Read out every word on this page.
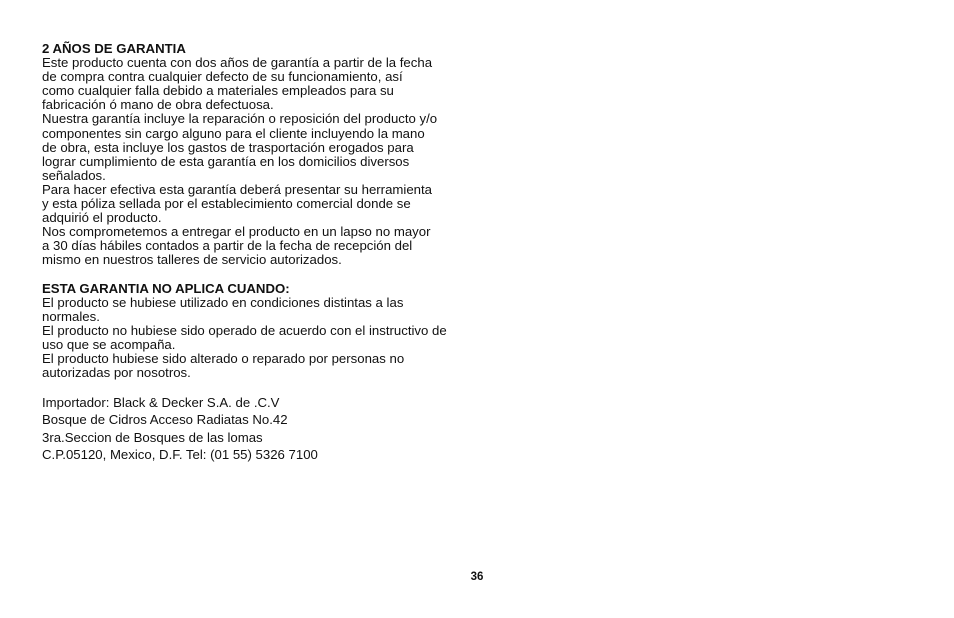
2 AÑOS DE GARANTIA

Este producto cuenta con dos años de garantía a partir de la fecha
de compra contra cualquier defecto de su funcionamiento, así
como cualquier falla debido a materiales empleados para su
fabricación ó mano de obra defectuosa.

Nuestra garantía incluye la reparación o reposición del producto y/o
componentes sin cargo alguno para el cliente incluyendo la mano
de obra, esta incluye los gastos de trasportación erogados para
lograr cumplimiento de esta garantía en los domicilios diversos
señalados.

Para hacer efectiva esta garantía deberá presentar su herramienta
y esta póliza sellada por el establecimiento comercial donde se
adquirió el producto.

Nos comprometemos a entregar el producto en un lapso no mayor
a 30 días hábiles contados a partir de la fecha de recepción del
mismo en nuestros talleres de servicio autorizados.

ESTA GARANTIA NO APLICA CUANDO:

El producto se hubiese utilizado en condiciones distintas a las
normales.

El producto no hubiese sido operado de acuerdo con el instructivo de
uso que se acompaña.

El producto hubiese sido alterado o reparado por personas no
autorizadas por nosotros.

Importador: Black & Decker S.A. de .C.V
Bosque de Cidros Acceso Radiatas No.42
3ra.Seccion de Bosques de las lomas
C.P.05120, Mexico, D.F. Tel: (01 55) 5326 7100
36
